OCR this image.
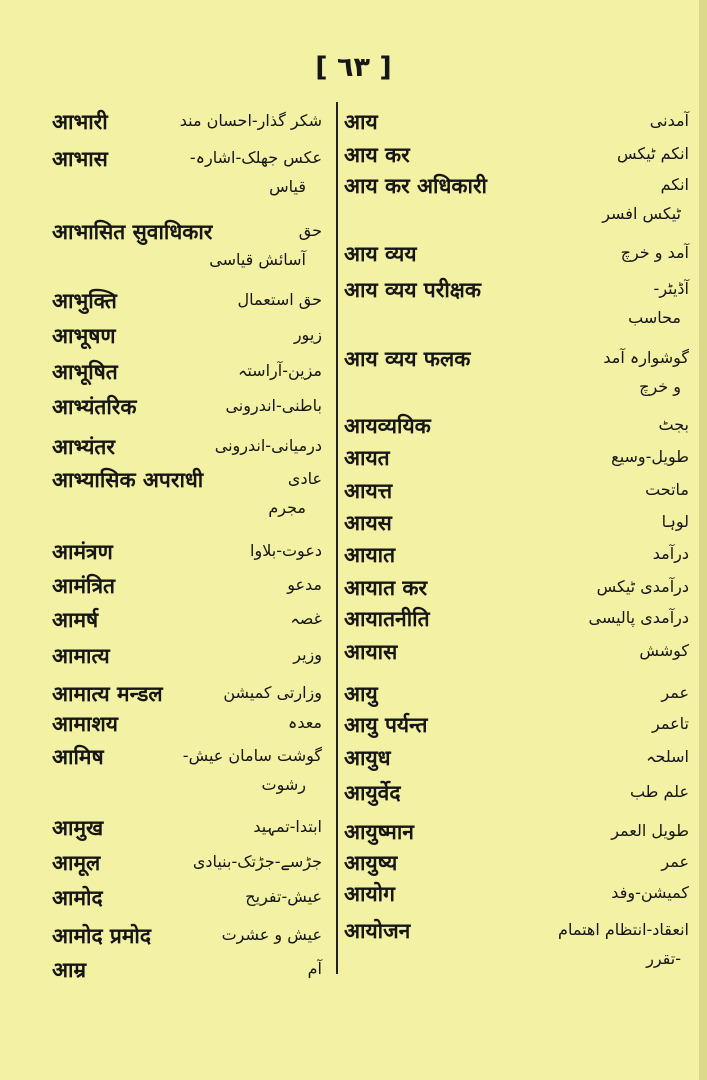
[ ٦٣ ]
आभारी	شکر گذار-احسان مند
आभास	عکس جھلک-اشارہ-
قیاس
आभासित सुवाधिकार	حق
آسائش قیاسی
आभुक्ति	حق استعمال
आभूषण	زیور
आभूषित	مزین-آراستہ
आभ्यंतरिक	باطنی-اندرونی
आभ्यंतर	درمیانی-اندرونی
आभ्यासिक अपराधी	عادی
مجرم
आमंत्रण	دعوت-بلاوا
आमंत्रित	مدعو
आमर्ष	غصہ
आमात्य	وزیر
आमात्य मन्डल	وزارتی کمیشن
आमाशय	معدہ
आमिष	گوشت سامان عیش-
رشوت
आमुख	ابتدا-تمہید
आमूल	جڑسے-جڑتک-بنیادی
आमोद	عیش-تفریح
आमोद प्रमोद	عیش و عشرت
आम्र	آم
आय	آمدنی
आय कर	انکم ٹیکس
आय कर अधिकारी	انکم
ٹیکس افسر
आय व्यय	آمد و خرچ
आय व्यय परीक्षक	آڈیٹر-
محاسب
आय व्यय फलक	گوشوارہ آمد
و خرچ
आयव्ययिक	بجٹ
आयत	طویل-وسیع
आयत्त	ماتحت
आयस	لوہا
आयात	درآمد
आयात कर	درآمدی ٹیکس
आयातनीति	درآمدی پالیسی
आयास	کوشش
आयु	عمر
आयु पर्यन्त	تاعمر
आयुध	اسلحہ
आयुर्वेद	علم طب
आयुष्मान	طویل العمر
आयुष्य	عمر
आयोग	کمیشن-وفد
आयोजन	انعقاد-انتظام اهتمام
-تقرر
